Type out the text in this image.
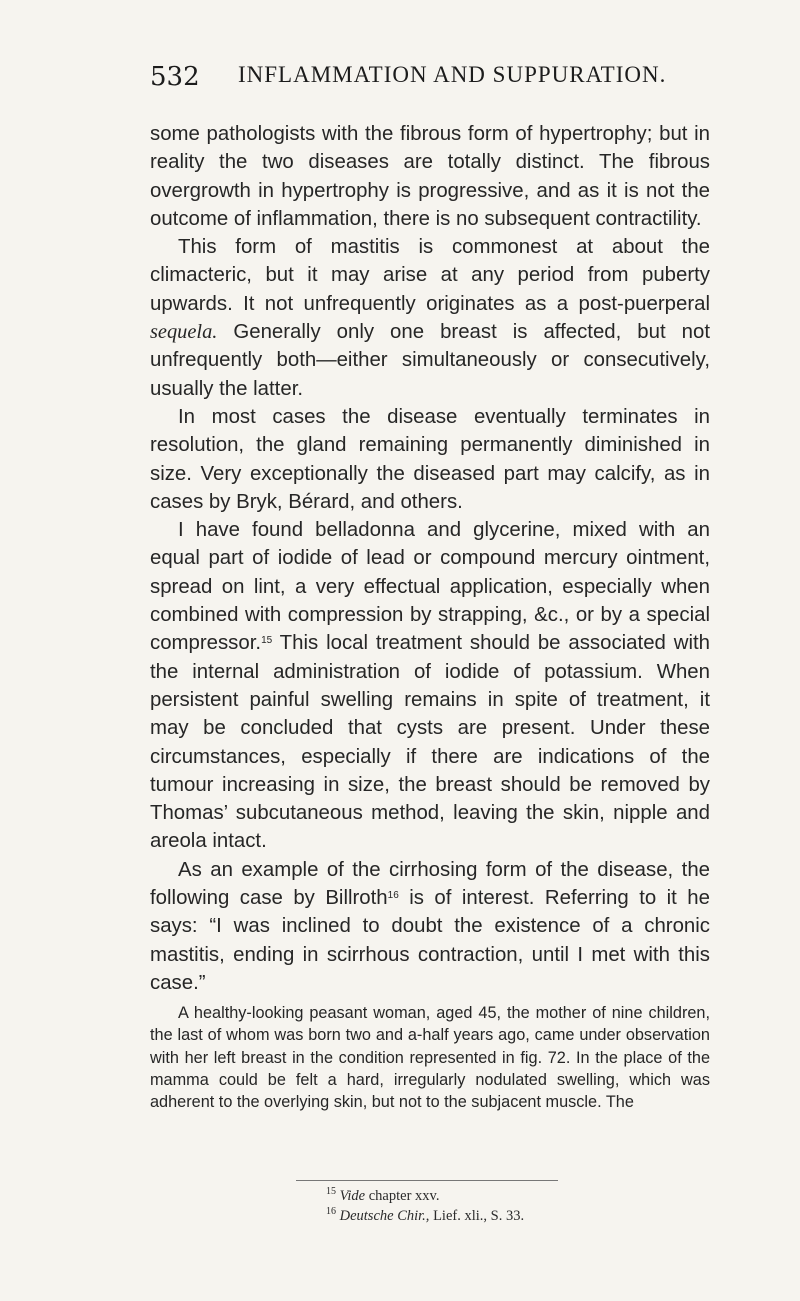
532 INFLAMMATION AND SUPPURATION.

some pathologists with the fibrous form of hypertrophy; but in reality the two diseases are totally distinct. The fibrous overgrowth in hypertrophy is progressive, and as it is not the outcome of inflammation, there is no subsequent contractility.

This form of mastitis is commonest at about the climacteric, but it may arise at any period from puberty upwards. It not unfrequently originates as a post-puerperal sequela. Generally only one breast is affected, but not unfrequently both—either simultaneously or consecutively, usually the latter.

In most cases the disease eventually terminates in resolution, the gland remaining permanently diminished in size. Very exceptionally the diseased part may calcify, as in cases by Bryk, Bérard, and others.

I have found belladonna and glycerine, mixed with an equal part of iodide of lead or compound mercury ointment, spread on lint, a very effectual application, especially when combined with compression by strapping, &c., or by a special compressor.$^{15}$ This local treatment should be associated with the internal administration of iodide of potassium. When persistent painful swelling remains in spite of treatment, it may be concluded that cysts are present. Under these circumstances, especially if there are indications of the tumour increasing in size, the breast should be removed by Thomas’ subcutaneous method, leaving the skin, nipple and areola intact.

As an example of the cirrhosing form of the disease, the following case by Billroth$^{16}$ is of interest. Referring to it he says: “I was inclined to doubt the existence of a chronic mastitis, ending in scirrhous contraction, until I met with this case.”

A healthy-looking peasant woman, aged 45, the mother of nine children, the last of whom was born two and a-half years ago, came under observation with her left breast in the condition represented in fig. 72. In the place of the mamma could be felt a hard, irregularly nodulated swelling, which was adherent to the overlying skin, but not to the subjacent muscle. The

$^{15}$ Vide chapter xxv.
$^{16}$ Deutsche Chir., Lief. xli., S. 33.
